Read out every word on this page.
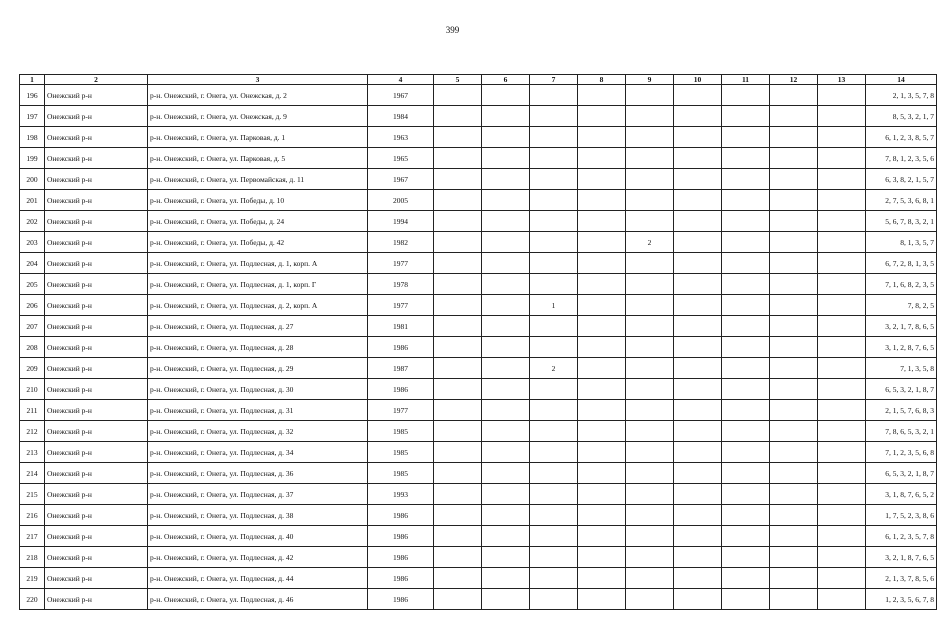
399
1	2	3	4	5	6	7	8	9	10	11	12	13	14
196	Онежский р-н	р-н. Онежский, г. Онега, ул. Онежская, д. 2	1967										2, 1, 3, 5, 7, 8
197	Онежский р-н	р-н. Онежский, г. Онега, ул. Онежская, д. 9	1984										8, 5, 3, 2, 1, 7
198	Онежский р-н	р-н. Онежский, г. Онега, ул. Парковая, д. 1	1963										6, 1, 2, 3, 8, 5, 7
199	Онежский р-н	р-н. Онежский, г. Онега, ул. Парковая, д. 5	1965										7, 8, 1, 2, 3, 5, 6
200	Онежский р-н	р-н. Онежский, г. Онега, ул. Первомайская, д. 11	1967										6, 3, 8, 2, 1, 5, 7
201	Онежский р-н	р-н. Онежский, г. Онега, ул. Победы, д. 10	2005										2, 7, 5, 3, 6, 8, 1
202	Онежский р-н	р-н. Онежский, г. Онега, ул. Победы, д. 24	1994										5, 6, 7, 8, 3, 2, 1
203	Онежский р-н	р-н. Онежский, г. Онега, ул. Победы, д. 42	1982					2					8, 1, 3, 5, 7
204	Онежский р-н	р-н. Онежский, г. Онега, ул. Подлесная, д. 1, корп. А	1977										6, 7, 2, 8, 1, 3, 5
205	Онежский р-н	р-н. Онежский, г. Онега, ул. Подлесная, д. 1, корп. Г	1978										7, 1, 6, 8, 2, 3, 5
206	Онежский р-н	р-н. Онежский, г. Онега, ул. Подлесная, д. 2, корп. А	1977			1							7, 8, 2, 5
207	Онежский р-н	р-н. Онежский, г. Онега, ул. Подлесная, д. 27	1981										3, 2, 1, 7, 8, 6, 5
208	Онежский р-н	р-н. Онежский, г. Онега, ул. Подлесная, д. 28	1986										3, 1, 2, 8, 7, 6, 5
209	Онежский р-н	р-н. Онежский, г. Онега, ул. Подлесная, д. 29	1987			2							7, 1, 3, 5, 8
210	Онежский р-н	р-н. Онежский, г. Онега, ул. Подлесная, д. 30	1986										6, 5, 3, 2, 1, 8, 7
211	Онежский р-н	р-н. Онежский, г. Онега, ул. Подлесная, д. 31	1977										2, 1, 5, 7, 6, 8, 3
212	Онежский р-н	р-н. Онежский, г. Онега, ул. Подлесная, д. 32	1985										7, 8, 6, 5, 3, 2, 1
213	Онежский р-н	р-н. Онежский, г. Онега, ул. Подлесная, д. 34	1985										7, 1, 2, 3, 5, 6, 8
214	Онежский р-н	р-н. Онежский, г. Онега, ул. Подлесная, д. 36	1985										6, 5, 3, 2, 1, 8, 7
215	Онежский р-н	р-н. Онежский, г. Онега, ул. Подлесная, д. 37	1993										3, 1, 8, 7, 6, 5, 2
216	Онежский р-н	р-н. Онежский, г. Онега, ул. Подлесная, д. 38	1986										1, 7, 5, 2, 3, 8, 6
217	Онежский р-н	р-н. Онежский, г. Онега, ул. Подлесная, д. 40	1986										6, 1, 2, 3, 5, 7, 8
218	Онежский р-н	р-н. Онежский, г. Онега, ул. Подлесная, д. 42	1986										3, 2, 1, 8, 7, 6, 5
219	Онежский р-н	р-н. Онежский, г. Онега, ул. Подлесная, д. 44	1986										2, 1, 3, 7, 8, 5, 6
220	Онежский р-н	р-н. Онежский, г. Онега, ул. Подлесная, д. 46	1986										1, 2, 3, 5, 6, 7, 8
